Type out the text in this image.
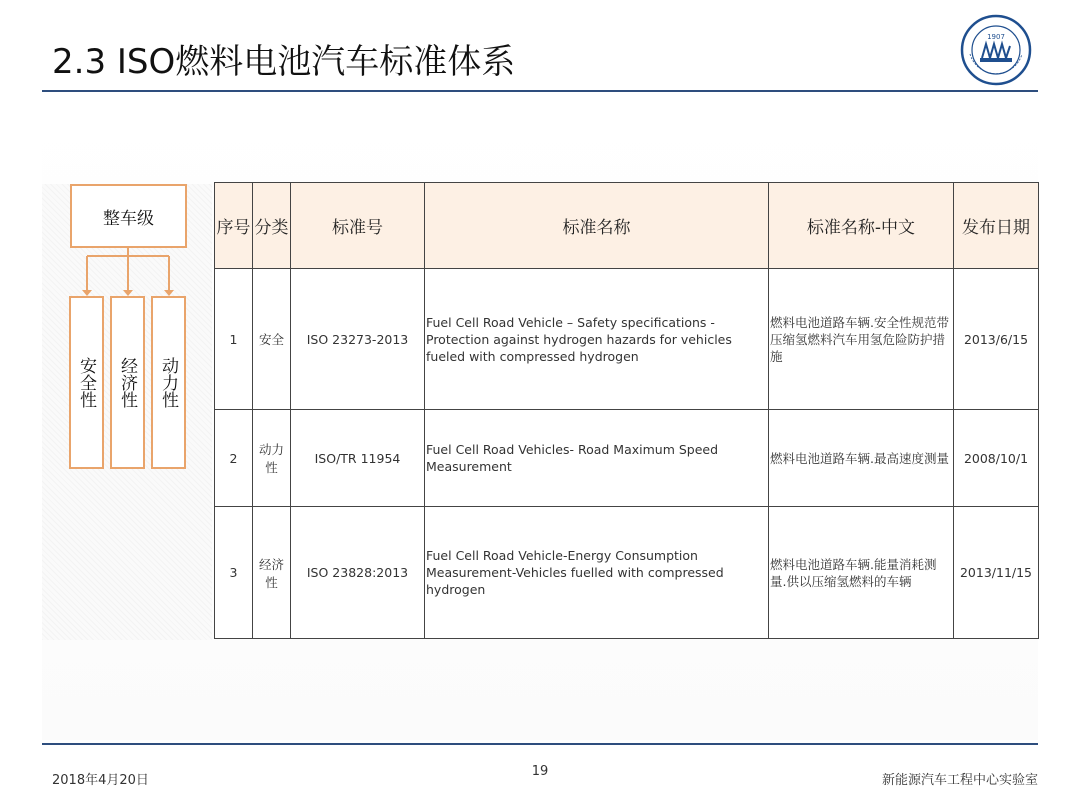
2.3 ISO燃料电池汽车标准体系
1907
整车级
安全性	经济性	动力性
序号	分类	标准号	标准名称	标准名称-中文	发布日期
1	安全	ISO 23273-2013	Fuel Cell Road Vehicle – Safety specifications - Protection against hydrogen hazards for vehicles fueled with compressed hydrogen	燃料电池道路车辆.安全性规范带压缩氢燃料汽车用氢危险防护措施	2013/6/15
2	动力性	ISO/TR 11954	Fuel Cell Road Vehicles- Road Maximum Speed Measurement	燃料电池道路车辆.最高速度测量	2008/10/1
3	经济性	ISO 23828:2013	Fuel Cell Road Vehicle-Energy Consumption Measurement-Vehicles fuelled with compressed hydrogen	燃料电池道路车辆.能量消耗测量.供以压缩氢燃料的车辆	2013/11/15
2018年4月20日
19
新能源汽车工程中心实验室
